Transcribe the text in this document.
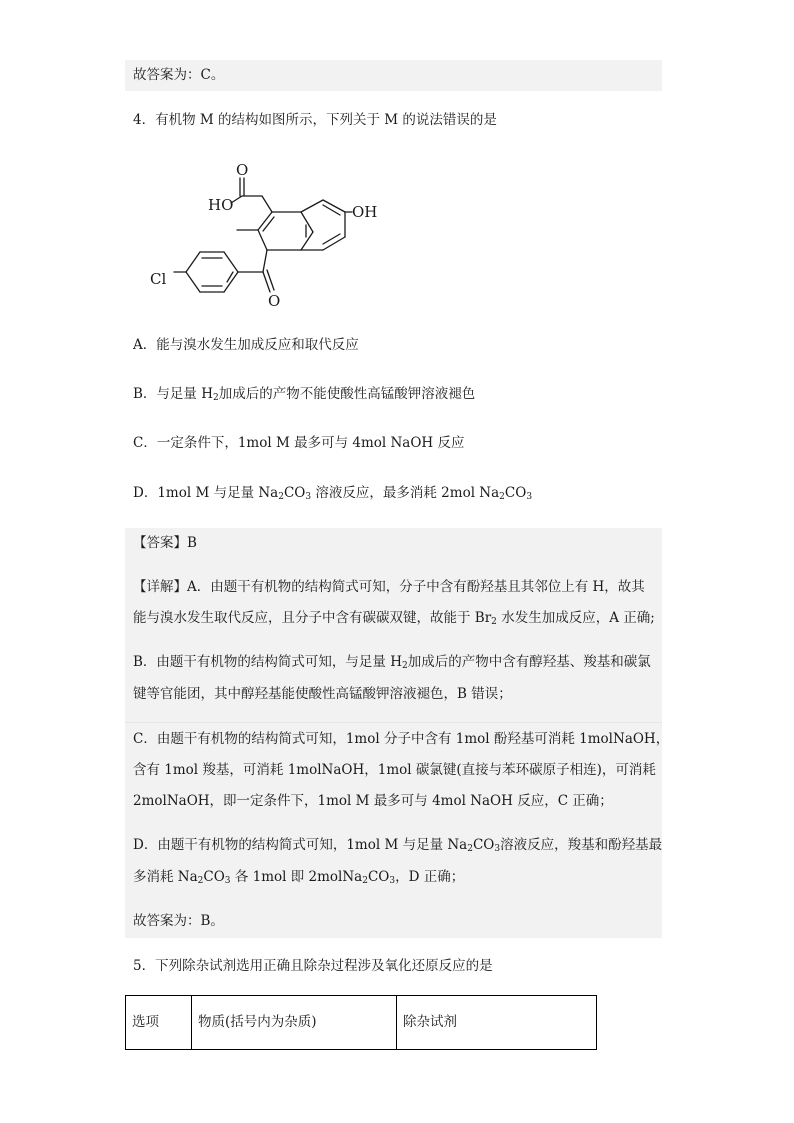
故答案为：C。
4．有机物 M 的结构如图所示，下列关于 M 的说法错误的是
O
HO	OH
Cl
O
A．能与溴水发生加成反应和取代反应
B．与足量 $H_2$加成后的产物不能使酸性高锰酸钾溶液褪色
C．一定条件下，1mol M 最多可与 4mol NaOH 反应
D．1mol M 与足量 $Na_2CO_3$ 溶液反应，最多消耗 2mol $Na_2CO_3$
【答案】B
【详解】A．由题干有机物的结构简式可知，分子中含有酚羟基且其邻位上有 H，故其
能与溴水发生取代反应，且分子中含有碳碳双键，故能于 $Br_2$ 水发生加成反应，A 正确;
B．由题干有机物的结构简式可知，与足量 $H_2$加成后的产物中含有醇羟基、羧基和碳氯
键等官能团，其中醇羟基能使酸性高锰酸钾溶液褪色，B 错误；
C．由题干有机物的结构简式可知，1mol 分子中含有 1mol 酚羟基可消耗 1molNaOH，
含有 1mol 羧基，可消耗 1molNaOH，1mol 碳氯键(直接与苯环碳原子相连)，可消耗
2molNaOH，即一定条件下，1mol M 最多可与 4mol NaOH 反应，C 正确；
D．由题干有机物的结构简式可知，1mol M 与足量 $Na_2CO_3$溶液反应，羧基和酚羟基最
多消耗 $Na_2CO_3$ 各 1mol 即 $2molNa_2CO_3$，D 正确；
故答案为：B。
5．下列除杂试剂选用正确且除杂过程涉及氧化还原反应的是
选项	物质(括号内为杂质)	除杂试剂
